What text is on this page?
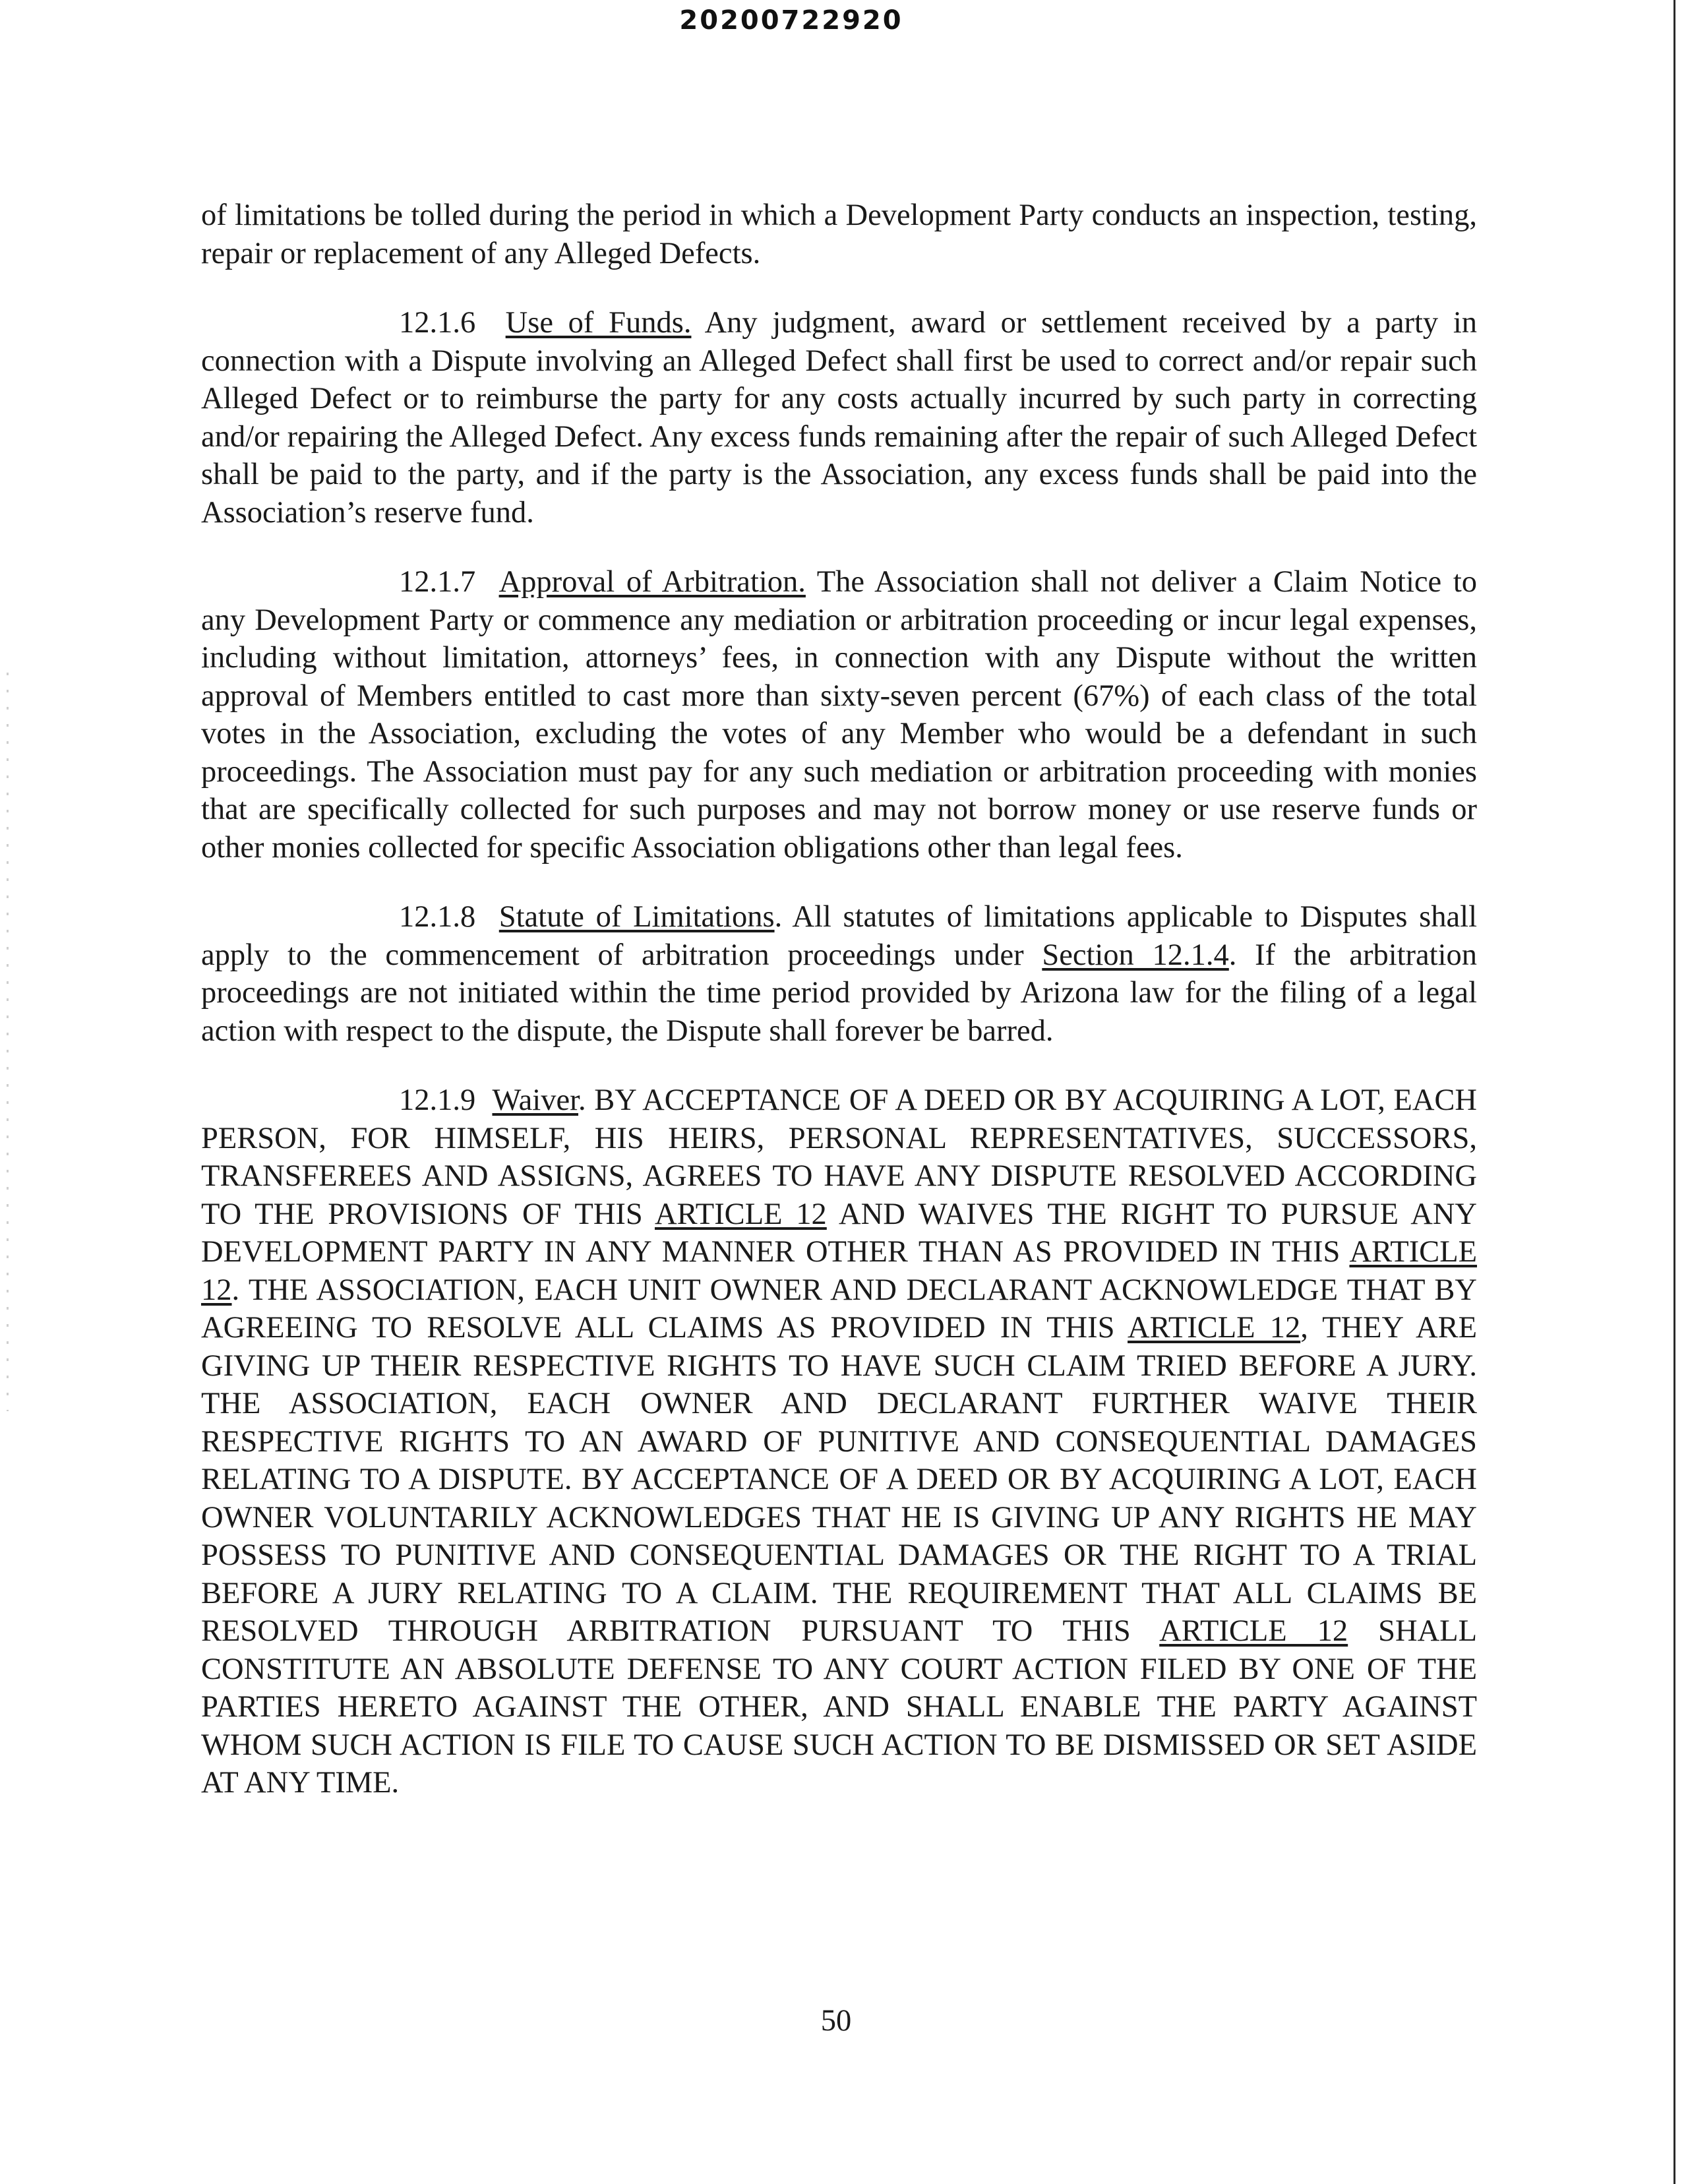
20200722920

of limitations be tolled during the period in which a Development Party conducts an inspection, testing, repair or replacement of any Alleged Defects.

12.1.6 Use of Funds. Any judgment, award or settlement received by a party in connection with a Dispute involving an Alleged Defect shall first be used to correct and/or repair such Alleged Defect or to reimburse the party for any costs actually incurred by such party in correcting and/or repairing the Alleged Defect. Any excess funds remaining after the repair of such Alleged Defect shall be paid to the party, and if the party is the Association, any excess funds shall be paid into the Association’s reserve fund.

12.1.7 Approval of Arbitration. The Association shall not deliver a Claim Notice to any Development Party or commence any mediation or arbitration proceeding or incur legal expenses, including without limitation, attorneys’ fees, in connection with any Dispute without the written approval of Members entitled to cast more than sixty-seven percent (67%) of each class of the total votes in the Association, excluding the votes of any Member who would be a defendant in such proceedings. The Association must pay for any such mediation or arbitration proceeding with monies that are specifically collected for such purposes and may not borrow money or use reserve funds or other monies collected for specific Association obligations other than legal fees.

12.1.8 Statute of Limitations. All statutes of limitations applicable to Disputes shall apply to the commencement of arbitration proceedings under Section 12.1.4. If the arbitration proceedings are not initiated within the time period provided by Arizona law for the filing of a legal action with respect to the dispute, the Dispute shall forever be barred.

12.1.9 Waiver. BY ACCEPTANCE OF A DEED OR BY ACQUIRING A LOT, EACH PERSON, FOR HIMSELF, HIS HEIRS, PERSONAL REPRESENTATIVES, SUCCESSORS, TRANSFEREES AND ASSIGNS, AGREES TO HAVE ANY DISPUTE RESOLVED ACCORDING TO THE PROVISIONS OF THIS ARTICLE 12 AND WAIVES THE RIGHT TO PURSUE ANY DEVELOPMENT PARTY IN ANY MANNER OTHER THAN AS PROVIDED IN THIS ARTICLE 12. THE ASSOCIATION, EACH UNIT OWNER AND DECLARANT ACKNOWLEDGE THAT BY AGREEING TO RESOLVE ALL CLAIMS AS PROVIDED IN THIS ARTICLE 12, THEY ARE GIVING UP THEIR RESPECTIVE RIGHTS TO HAVE SUCH CLAIM TRIED BEFORE A JURY. THE ASSOCIATION, EACH OWNER AND DECLARANT FURTHER WAIVE THEIR RESPECTIVE RIGHTS TO AN AWARD OF PUNITIVE AND CONSEQUENTIAL DAMAGES RELATING TO A DISPUTE. BY ACCEPTANCE OF A DEED OR BY ACQUIRING A LOT, EACH OWNER VOLUNTARILY ACKNOWLEDGES THAT HE IS GIVING UP ANY RIGHTS HE MAY POSSESS TO PUNITIVE AND CONSEQUENTIAL DAMAGES OR THE RIGHT TO A TRIAL BEFORE A JURY RELATING TO A CLAIM. THE REQUIREMENT THAT ALL CLAIMS BE RESOLVED THROUGH ARBITRATION PURSUANT TO THIS ARTICLE 12 SHALL CONSTITUTE AN ABSOLUTE DEFENSE TO ANY COURT ACTION FILED BY ONE OF THE PARTIES HERETO AGAINST THE OTHER, AND SHALL ENABLE THE PARTY AGAINST WHOM SUCH ACTION IS FILE TO CAUSE SUCH ACTION TO BE DISMISSED OR SET ASIDE AT ANY TIME.

50
